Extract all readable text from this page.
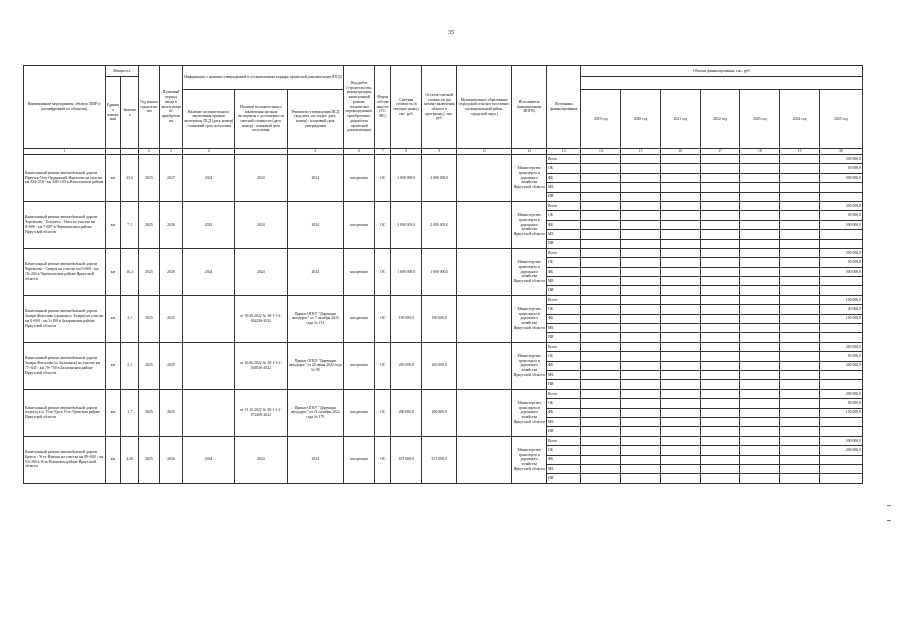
35
Наименование мероприятия, объекта, ПИР (с расшифровкой по объектам)	Мощность		Год начала строительства	Плановый период ввода в эксплуатацию/приобретения	Информация о наличии утвержденной и установленном порядке проектной документации (ПСД)			Вид работ (строительство, реконструкция, капитальный ремонт, техническое перевооружение, приобретение, разработка проектной документации)	Форма собственности (ГС/МС)	Сметная стоимость (в текущих ценах), тыс. руб.	Остаток сметной стоимости (на момент включения объекта в программу), тыс. руб.	Муниципальное образование (городской/сельское поселение, муниципальный район, городской округ)	Исполнитель (наименование ИОГВ)	Источники финансирования	Объемы финансирования, тыс. руб.						
	Единица измерения	Значение																			
					Наличие положительного заключения органов экспертизы ПСД (дата, номер) / плановый срок получения	Наличие положительного заключения органов экспертизы о достоверности сметной стоимости (дата, номер) / плановый срок получения	Реквизиты утверждения ПСД (вид акта, кто издал, дата, номер) / плановый срок утверждения								2019 год	2020 год	2021 год	2022 год	2023 год	2024 год	2025 год
1			2	3	4		5	6	7	8	9	11	12	13	14	15	16	17	18	19	20
Капитальный ремонт автомобильной дороги Иркутск-Усть-Ордынский-Жигалово на участке км 324+250 - км 348+100 в Жигаловском районе	км	23,6	2025	2027	2024	2024	2024	кап.ремонт	ОС	2 000 000,0	2 000 000,0		Министерство транспорта и дорожного хозяйства Иркутской области	Всего							550 000,0
														ОБ							50 000,0
														ФБ							500 000,0
														МБ							
														ИИ							
Капитальный ремонт автомобильной дороги Черемхово - Голуметь - Онот на участке км 0+000 - км 7+087 в Черемховском районе Иркутской области	км	7,1	2025	2026	2024	2024	2024	кап.ремонт	ОС	2 000 001,0	2 000 001,0		Министерство транспорта и дорожного хозяйства Иркутской области	Всего							250 000,0
														ОБ							50 000,0
														ФБ							200 000,0
														МБ							
														ИИ							
Капитальный ремонт автомобильной дороги Черемхово - Свирск на участке км 0+000 - км 16+204 в Черемховском районе Иркутской области	км	16,2	2025	2026	2024	2024	2024	кап.ремонт	ОС	1 600 000,0	1 600 000,0		Министерство транспорта и дорожного хозяйства Иркутской области	Всего							550 000,0
														ОБ							50 000,0
														ФБ							500 000,0
														МБ							
														ИИ							
Капитальный ремонт автомобильной дороги Заларя-Жигалово (граница п. Заларя) на участке км 0+000 - км 3+100 в Заларинском районе Иркутской области	км	3,1	2025	2025		от 30.08.2022 № 38-1-1-2-062236-2022	Приказ ОГКУ "Дирекция автодорог" от 7 октября 2022 года № 151	кап.ремонт	ОС	190 000,0	190 000,0		Министерство транспорта и дорожного хозяйства Иркутской области	Всего							190 000,0
														ОБ							40 000,0
														ФБ							150 000,0
														МБ							
														ИИ							
Капитальный ремонт автомобильной дороги Заларя-Жигалово (п. Балаганск) на участке км 77+645 - км 79+750 в Балаганском районе Иркутской области	км	2,1	2025	2025		от 16.06.2022 № 38-1-1-2-038516-2022	Приказ ОГКУ "Дирекция автодорог" от 20 июня 2022 года № 98	кап.ремонт	ОС	265 000,0	265 000,0		Министерство транспорта и дорожного хозяйства Иркутской области	Всего							265 000,0
														ОБ							65 000,0
														ФБ							200 000,0
														МБ							
														ИИ							
Капитальный ремонт автомобильной дороги подъезд к п. Усть-Уда в Усть-Удинском районе Иркутской области	км	1,7	2025	2025		от 13.10.2022 № 38-1-1-2-072460-2022	Приказ ОГКУ "Дирекция автодорог" от 21 октября 2022 года № 179	кап.ремонт	ОС	200 000,0	200 000,0		Министерство транспорта и дорожного хозяйства Иркутской области	Всего							200 000,0
														ОБ							50 000,0
														ФБ							150 000,0
														МБ							
														ИИ							
Капитальный ремонт автомобильной дороги Братск - Усть-Илимск на участке км 89+000 - км 93+200 в Усть-Илимском районе Иркутской области	км	4,20	2025	2026	2024	2024	2024	кап.ремонт	ОС	672 000,0	672 000,0		Министерство транспорта и дорожного хозяйства Иркутской области	Всего							200 000,0
														ОБ							200 000,0
														ФБ							
														МБ							
														ИИ							
